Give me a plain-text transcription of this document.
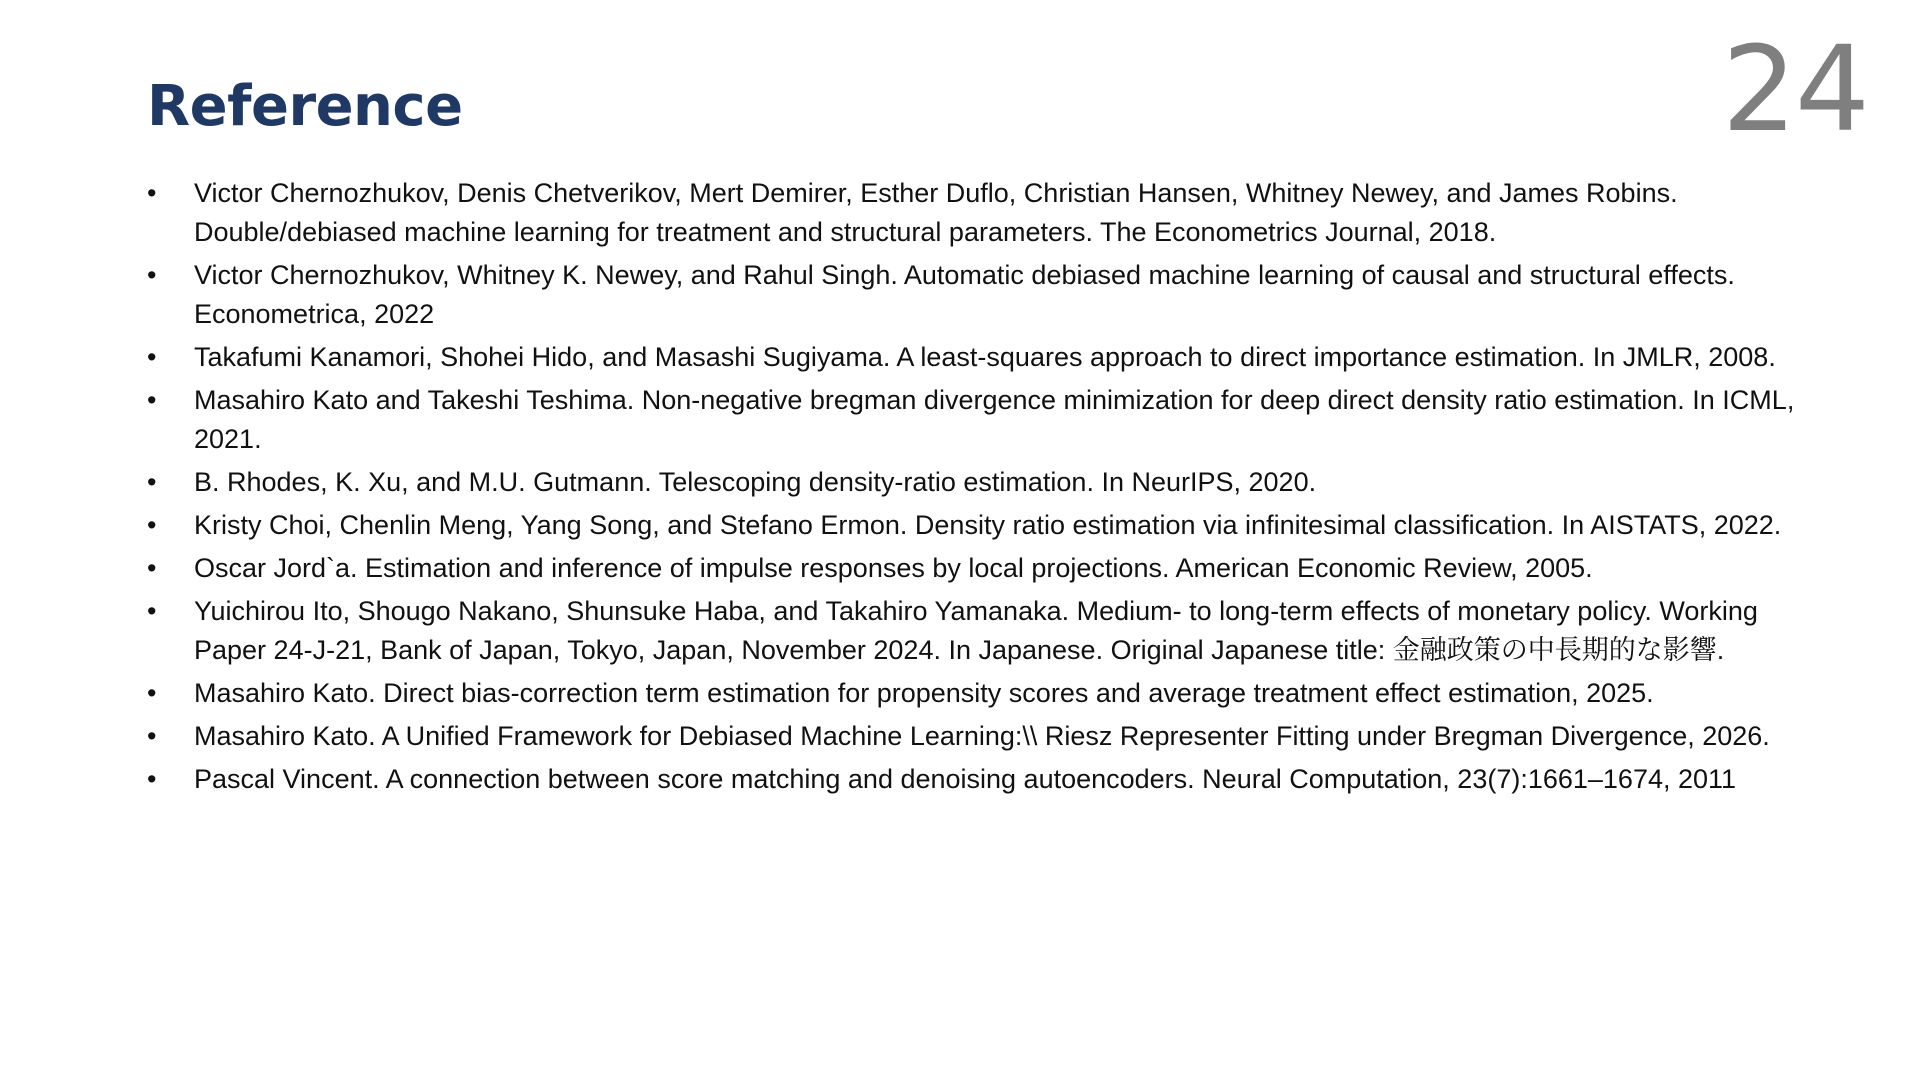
Reference	24
•	Victor Chernozhukov, Denis Chetverikov, Mert Demirer, Esther Duflo, Christian Hansen, Whitney Newey, and James Robins. Double/debiased machine learning for treatment and structural parameters. The Econometrics Journal, 2018.
•	Victor Chernozhukov, Whitney K. Newey, and Rahul Singh. Automatic debiased machine learning of causal and structural effects. Econometrica, 2022
•	Takafumi Kanamori, Shohei Hido, and Masashi Sugiyama. A least-squares approach to direct importance estimation. In JMLR, 2008.
•	Masahiro Kato and Takeshi Teshima. Non-negative bregman divergence minimization for deep direct density ratio estimation. In ICML, 2021.
•	B. Rhodes, K. Xu, and M.U. Gutmann. Telescoping density-ratio estimation. In NeurIPS, 2020.
•	Kristy Choi, Chenlin Meng, Yang Song, and Stefano Ermon. Density ratio estimation via infinitesimal classification. In AISTATS, 2022.
•	Oscar Jord`a. Estimation and inference of impulse responses by local projections. American Economic Review, 2005.
•	Yuichirou Ito, Shougo Nakano, Shunsuke Haba, and Takahiro Yamanaka. Medium- to long-term effects of monetary policy. Working Paper 24-J-21, Bank of Japan, Tokyo, Japan, November 2024. In Japanese. Original Japanese title: 金融政策の中長期的な影響.
•	Masahiro Kato. Direct bias-correction term estimation for propensity scores and average treatment effect estimation, 2025.
•	Masahiro Kato. A Unified Framework for Debiased Machine Learning:\\ Riesz Representer Fitting under Bregman Divergence, 2026.
•	Pascal Vincent. A connection between score matching and denoising autoencoders. Neural Computation, 23(7):1661–1674, 2011
